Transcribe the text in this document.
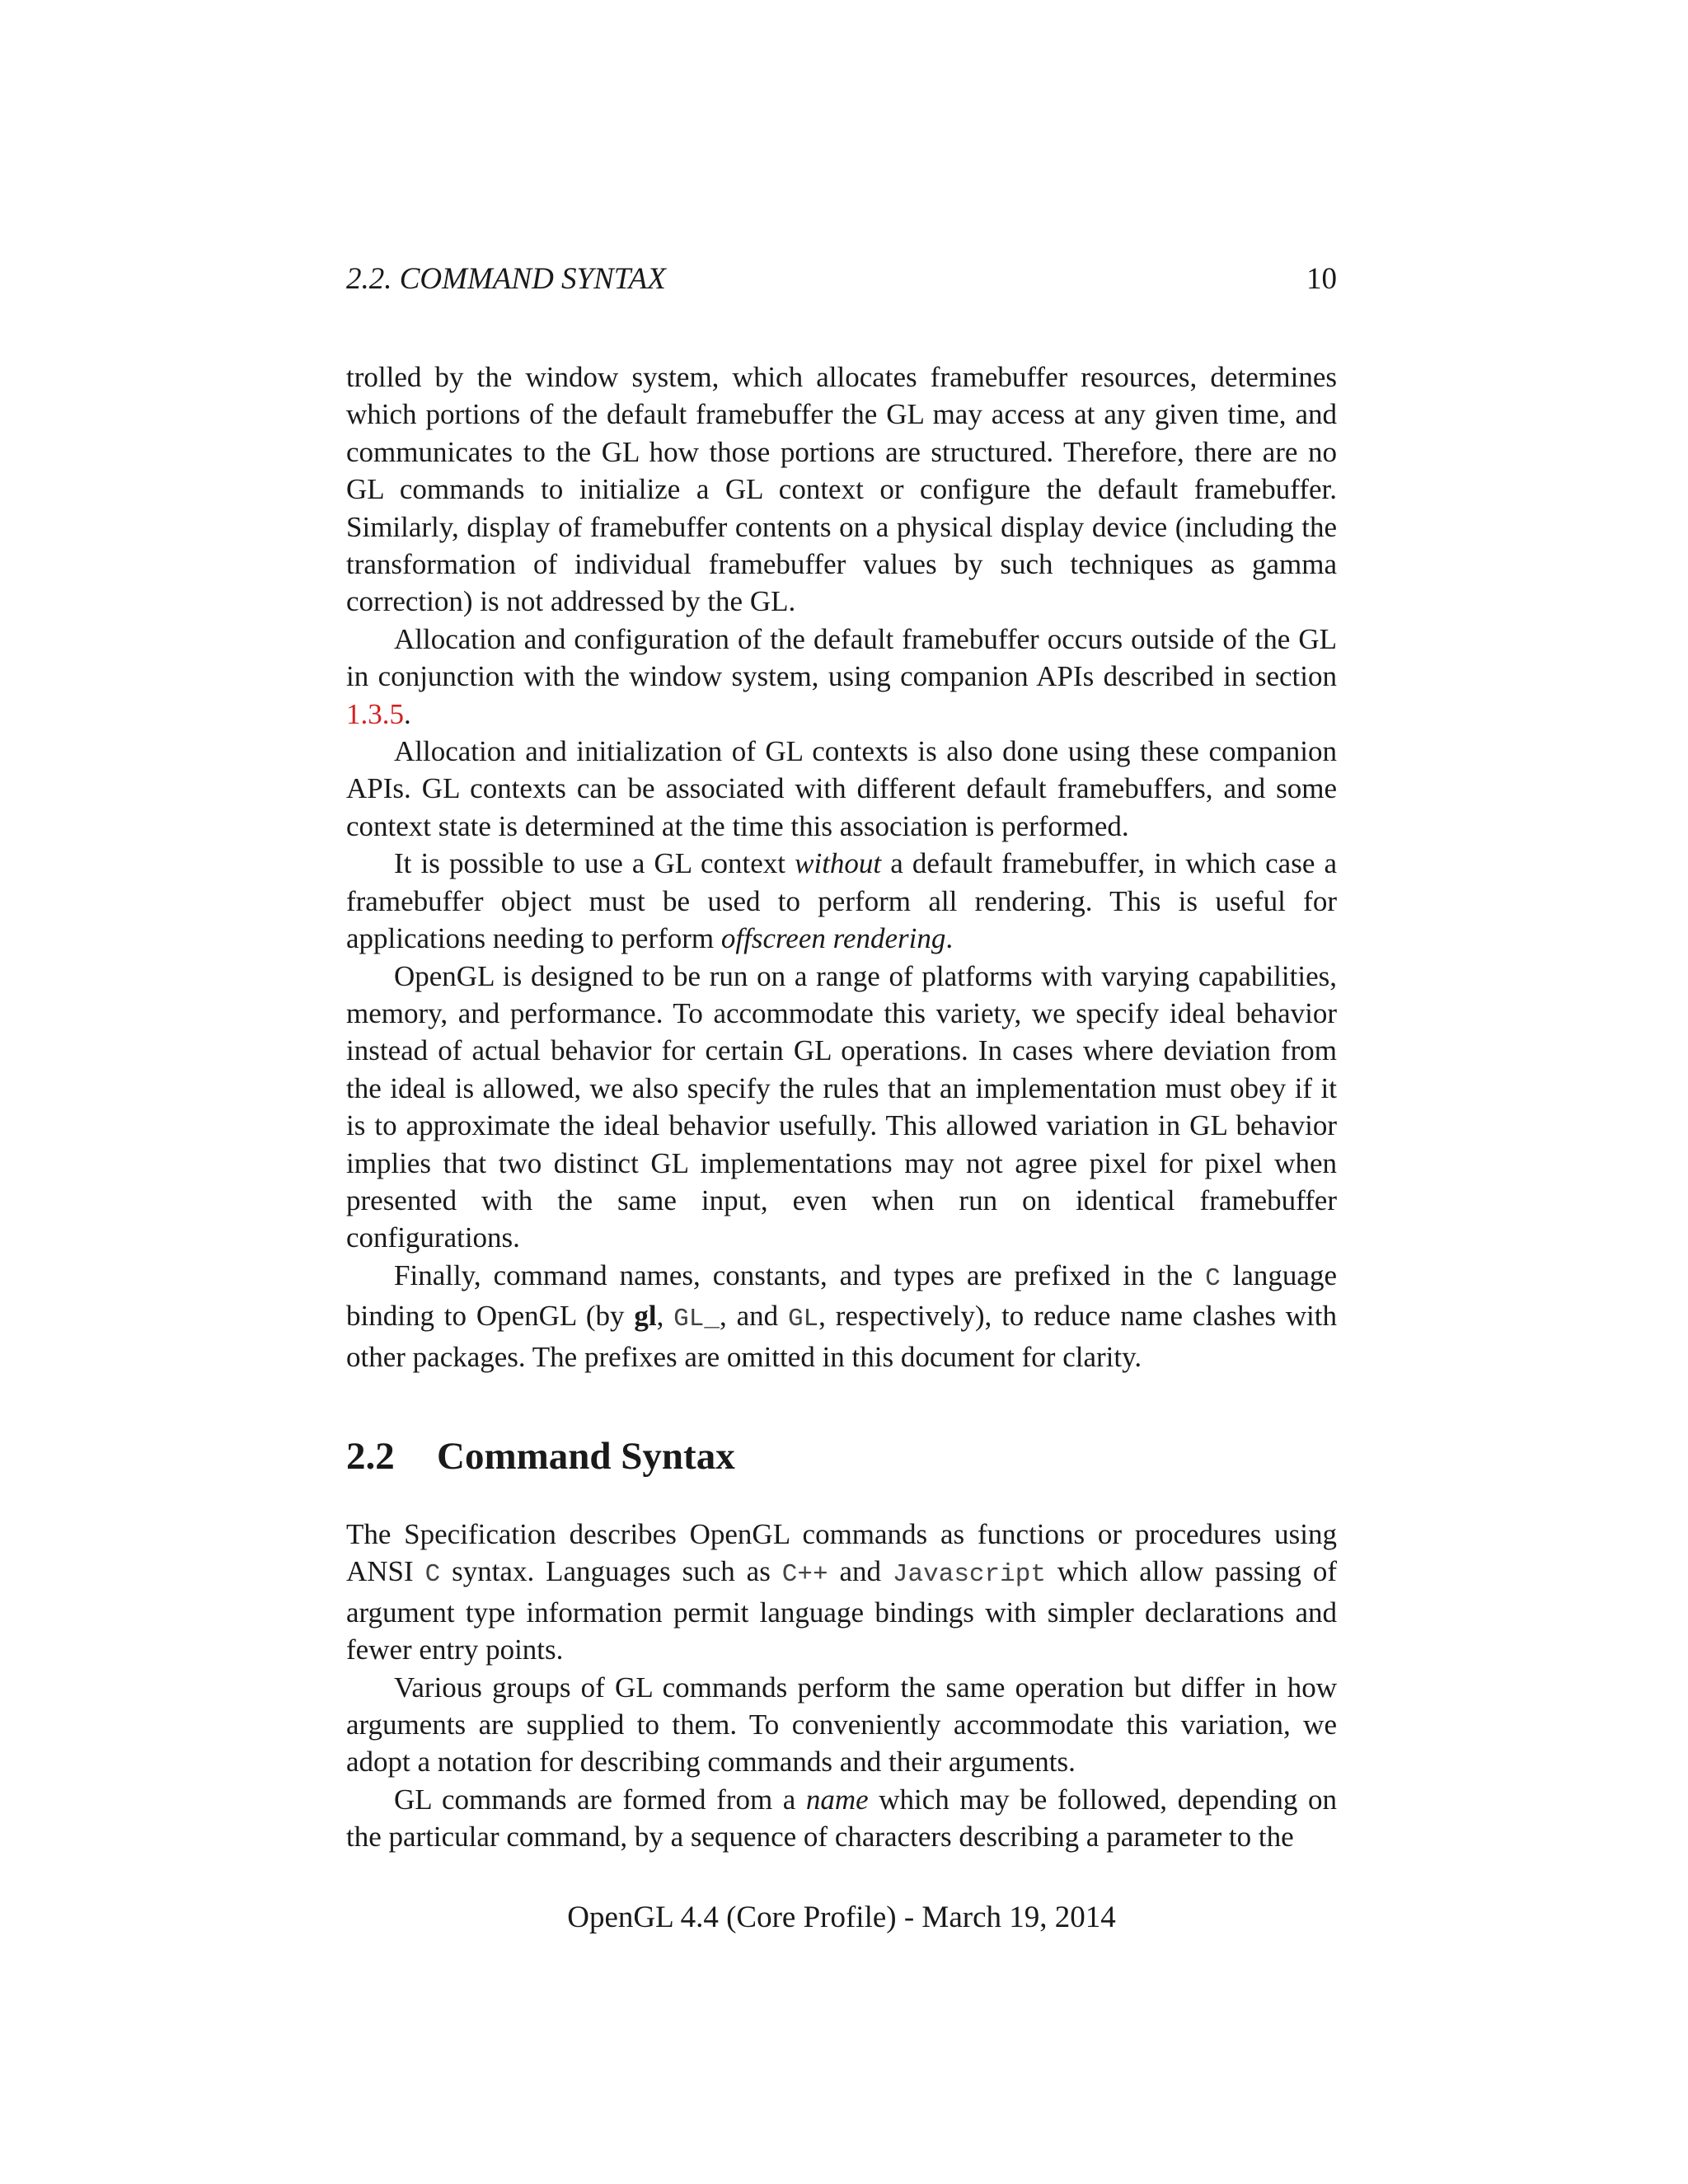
2.2. COMMAND SYNTAX	10

trolled by the window system, which allocates framebuffer resources, determines which portions of the default framebuffer the GL may access at any given time, and communicates to the GL how those portions are structured. Therefore, there are no GL commands to initialize a GL context or configure the default framebuffer. Similarly, display of framebuffer contents on a physical display device (including the transformation of individual framebuffer values by such techniques as gamma correction) is not addressed by the GL.

Allocation and configuration of the default framebuffer occurs outside of the GL in conjunction with the window system, using companion APIs described in section 1.3.5.

Allocation and initialization of GL contexts is also done using these companion APIs. GL contexts can be associated with different default framebuffers, and some context state is determined at the time this association is performed.

It is possible to use a GL context without a default framebuffer, in which case a framebuffer object must be used to perform all rendering. This is useful for applications needing to perform offscreen rendering.

OpenGL is designed to be run on a range of platforms with varying capabilities, memory, and performance. To accommodate this variety, we specify ideal behavior instead of actual behavior for certain GL operations. In cases where deviation from the ideal is allowed, we also specify the rules that an implementation must obey if it is to approximate the ideal behavior usefully. This allowed variation in GL behavior implies that two distinct GL implementations may not agree pixel for pixel when presented with the same input, even when run on identical framebuffer configurations.

Finally, command names, constants, and types are prefixed in the C language binding to OpenGL (by gl, GL_, and GL, respectively), to reduce name clashes with other packages. The prefixes are omitted in this document for clarity.

2.2 Command Syntax

The Specification describes OpenGL commands as functions or procedures using ANSI C syntax. Languages such as C++ and Javascript which allow passing of argument type information permit language bindings with simpler declarations and fewer entry points.

Various groups of GL commands perform the same operation but differ in how arguments are supplied to them. To conveniently accommodate this variation, we adopt a notation for describing commands and their arguments.

GL commands are formed from a name which may be followed, depending on the particular command, by a sequence of characters describing a parameter to the

OpenGL 4.4 (Core Profile) - March 19, 2014
